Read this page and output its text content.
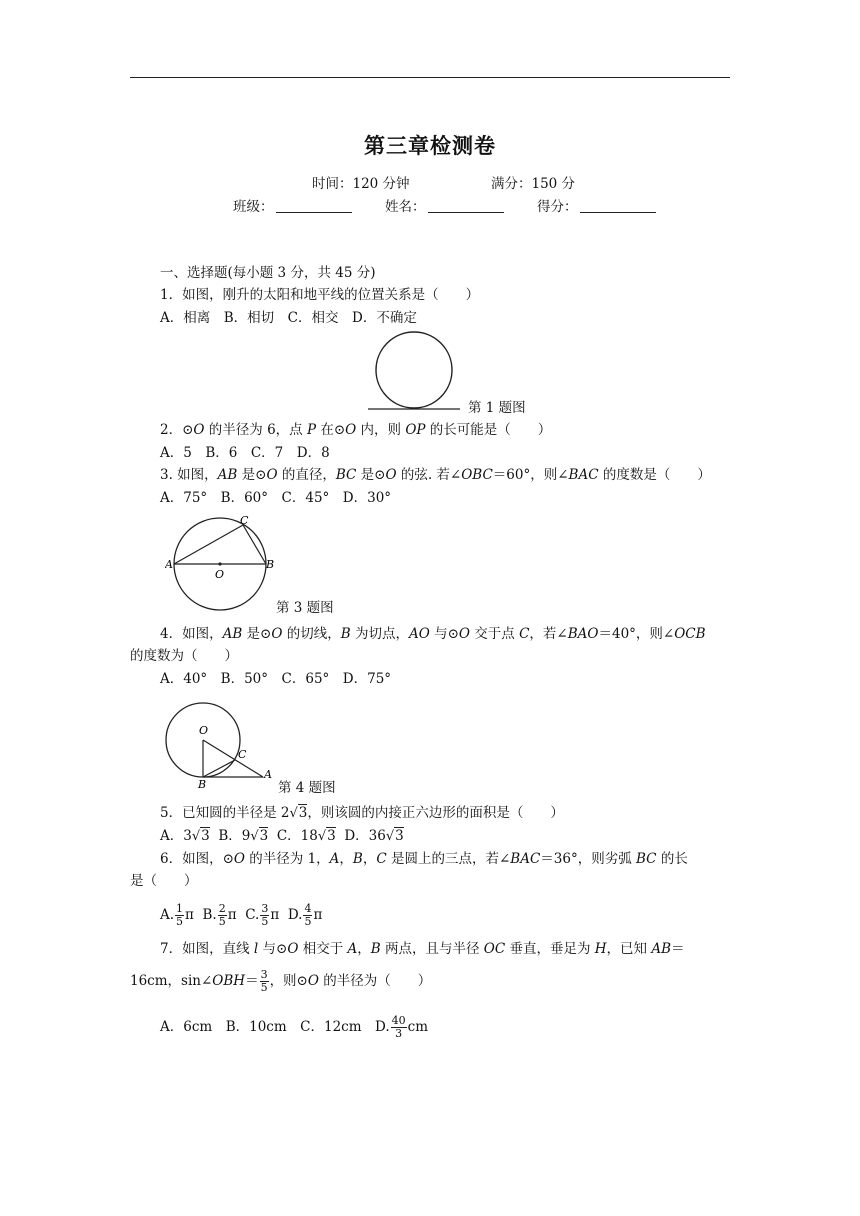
第三章检测卷
时间：120 分钟	满分：150 分
班级：	姓名：	得分：
一、选择题(每小题 3 分，共 45 分)
1．如图，刚升的太阳和地平线的位置关系是（　　）
A．相离　B．相切　C．相交　D．不确定
第 1 题图
2．⊙O 的半径为 6，点 P 在⊙O 内，则 OP 的长可能是（　　）
A．5　B．6　C．7　D．8
3. 如图，AB 是⊙O 的直径，BC 是⊙O 的弦. 若∠OBC＝60°，则∠BAC 的度数是（　　）
A．75°　B．60°　C．45°　D．30°
A	B
C
O
第 3 题图
4．如图，AB 是⊙O 的切线，B 为切点，AO 与⊙O 交于点 C，若∠BAO＝40°，则∠OCB
的度数为（　　）
A．40°　B．50°　C．65°　D．75°
O
B
C
A
第 4 题图
5．已知圆的半径是 2√3，则该圆的内接正六边形的面积是（　　）
A．3√3 B．9√3 C．18√3 D．36√3
6．如图，⊙O 的半径为 1，A，B，C 是圆上的三点，若∠BAC＝36°，则劣弧 BC 的长
是（　　）
A. $\frac{1}{5}$ π B. $\frac{2}{5}$ π C. $\frac{3}{5}$ π D. $\frac{4}{5}$ π
7．如图，直线 l 与⊙O 相交于 A，B 两点，且与半径 OC 垂直，垂足为 H，已知 AB＝
16cm，sin∠OBH＝ $\frac{3}{5}$ ，则⊙O 的半径为（　　）
A．6cm　B．10cm　C．12cm　D. $\frac{40}{3}$ cm
